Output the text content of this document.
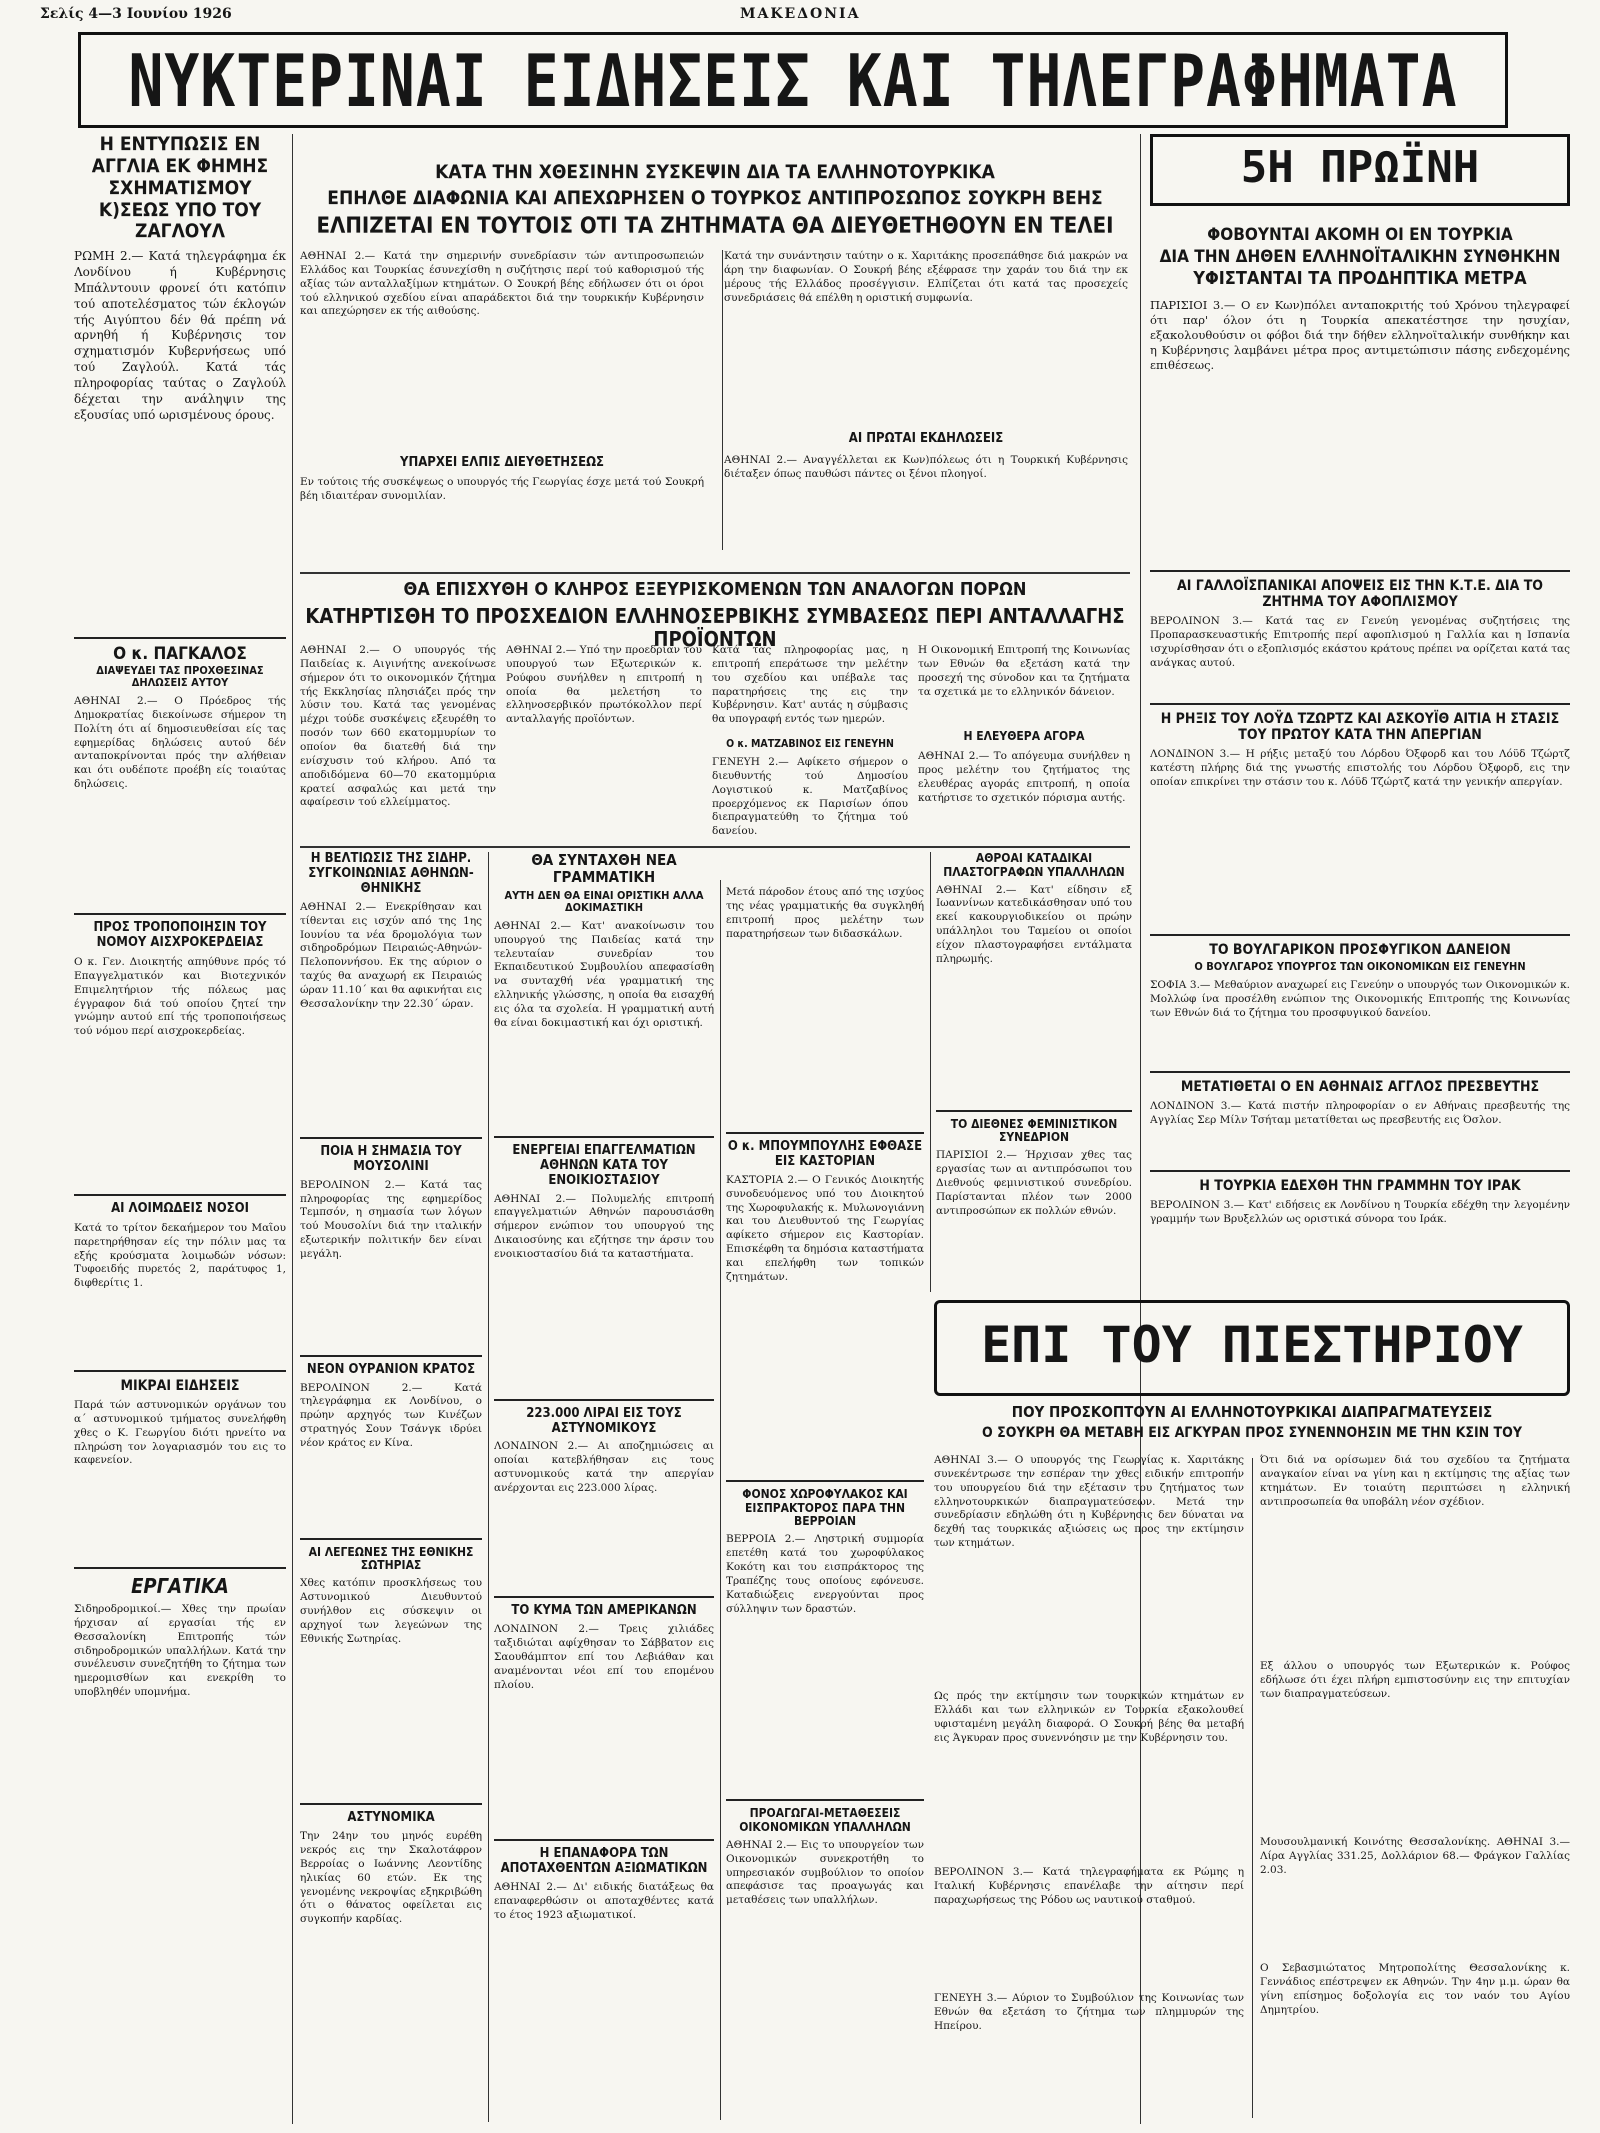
Σελίς 4—3 Ιουνίου 1926	ΜΑΚΕΔΟΝΙΑ
ΝΥΚΤΕΡΙΝΑΙ ΕΙΔΗΣΕΙΣ ΚΑΙ ΤΗΛΕΓΡΑΦΗΜΑΤΑ
Η ΕΝΤΥΠΩΣΙΣ ΕΝ ΑΓΓΛΙΑ ΕΚ ΦΗΜΗΣ ΣΧΗΜΑΤΙΣΜΟΥ Κ)ΣΕΩΣ ΥΠΟ ΤΟΥ ΖΑΓΛΟΥΛ
ΡΩΜΗ 2.— Κατά τηλεγράφημα έκ Λονδίνου ή Κυβέρνησις Μπάλντουιν φρονεί ότι κατόπιν τού αποτελέσματος τών έκλογών τής Αιγύπτου δέν θά πρέπη νά αρνηθή ή Κυβέρνησις τον σχηματισμόν Κυβερνήσεως υπό τού Ζαγλούλ. Κατά τάς πληροφορίας ταύτας ο Ζαγλούλ δέχεται την ανάληψιν της εξουσίας υπό ωρισμένους όρους.
Ο κ. ΠΑΓΚΑΛΟΣ
ΔΙΑΨΕΥΔΕΙ ΤΑΣ ΠΡΟΧΘΕΣΙΝΑΣ ΔΗΛΩΣΕΙΣ ΑΥΤΟΥ
ΑΘΗΝΑΙ 2.— Ο Πρόεδρος τής Δημοκρατίας διεκοίνωσε σήμερον τη Πολίτη ότι αί δημοσιευθείσαι είς τας εφημερίδας δηλώσεις αυτού δέν ανταποκρίνονται πρός την αλήθειαν και ότι ουδέποτε προέβη είς τοιαύτας δηλώσεις.
ΠΡΟΣ ΤΡΟΠΟΠΟΙΗΣΙΝ ΤΟΥ ΝΟΜΟΥ ΑΙΣΧΡΟΚΕΡΔΕΙΑΣ
Ο κ. Γεν. Διοικητής απηύθυνε πρός τό Επαγγελματικόν και Βιοτεχνικόν Επιμελητήριον τής πόλεως μας έγγραφον διά τού οποίου ζητεί την γνώμην αυτού επί τής τροποποιήσεως τού νόμου περί αισχροκερδείας.
ΑΙ ΛΟΙΜΩΔΕΙΣ ΝΟΣΟΙ
Κατά το τρίτον δεκαήμερον του Μαΐου παρετηρήθησαν είς την πόλιν μας τα εξής κρούσματα λοιμωδών νόσων: Τυφοειδής πυρετός 2, παράτυφος 1, διφθερίτις 1.
ΜΙΚΡΑΙ ΕΙΔΗΣΕΙΣ
Παρά τών αστυνομικών οργάνων του α΄ αστυνομικού τμήματος συνελήφθη χθες ο Κ. Γεωργίου διότι ηρνείτο να πληρώση τον λογαριασμόν του εις το καφενείον.
ΕΡΓΑΤΙΚΑ
Σιδηροδρομικοί.— Χθες την πρωίαν ήρχισαν αί εργασίαι τής εν Θεσσαλονίκη Επιτροπής τών σιδηροδρομικών υπαλλήλων. Κατά την συνέλευσιν συνεζητήθη το ζήτημα των ημερομισθίων και ενεκρίθη το υποβληθέν υπομνήμα.
ΚΑΤΑ ΤΗΝ ΧΘΕΣΙΝΗΝ ΣΥΣΚΕΨΙΝ ΔΙΑ ΤΑ ΕΛΛΗΝΟΤΟΥΡΚΙΚΑ
ΕΠΗΛΘΕ ΔΙΑΦΩΝΙΑ ΚΑΙ ΑΠΕΧΩΡΗΣΕΝ Ο ΤΟΥΡΚΟΣ ΑΝΤΙΠΡΟΣΩΠΟΣ ΣΟΥΚΡΗ ΒΕΗΣ
ΕΛΠΙΖΕΤΑΙ ΕΝ ΤΟΥΤΟΙΣ ΟΤΙ ΤΑ ΖΗΤΗΜΑΤΑ ΘΑ ΔΙΕΥΘΕΤΗΘΟΥΝ ΕΝ ΤΕΛΕΙ
ΑΘΗΝΑΙ 2.— Κατά την σημερινήν συνεδρίασιν τών αντιπροσωπειών Ελλάδος και Τουρκίας έσυνεχίσθη η συζήτησις περί τού καθορισμού τής αξίας τών ανταλλαξίμων κτημάτων. Ο Σουκρή βέης εδήλωσεν ότι οι όροι τού ελληνικού σχεδίου είναι απαράδεκτοι διά την τουρκικήν Κυβέρνησιν και απεχώρησεν εκ τής αιθούσης.
Κατά την συνάντησιν ταύτην ο κ. Χαριτάκης προσεπάθησε διά μακρών να άρη την διαφωνίαν. Ο Σουκρή βέης εξέφρασε την χαράν του διά την εκ μέρους τής Ελλάδος προσέγγισιν. Ελπίζεται ότι κατά τας προσεχείς συνεδριάσεις θά επέλθη η οριστική συμφωνία.
ΥΠΑΡΧΕΙ ΕΛΠΙΣ ΔΙΕΥΘΕΤΗΣΕΩΣ
Εν τούτοις τής συσκέψεως ο υπουργός τής Γεωργίας έσχε μετά τού Σουκρή βέη ιδιαιτέραν συνομιλίαν.
ΑΙ ΠΡΩΤΑΙ ΕΚΔΗΛΩΣΕΙΣ
ΑΘΗΝΑΙ 2.— Αναγγέλλεται εκ Κων)πόλεως ότι η Τουρκική Κυβέρνησις διέταξεν όπως παυθώσι πάντες οι ξένοι πλοηγοί.
5Η ΠΡΩΪΝΗ
ΦΟΒΟΥΝΤΑΙ ΑΚΟΜΗ ΟΙ ΕΝ ΤΟΥΡΚΙΑ
ΔΙΑ ΤΗΝ ΔΗΘΕΝ ΕΛΛΗΝΟΪΤΑΛΙΚΗΝ ΣΥΝΘΗΚΗΝ
ΥΦΙΣΤΑΝΤΑΙ ΤΑ ΠΡΟΔΗΠΤΙΚΑ ΜΕΤΡΑ
ΠΑΡΙΣΙΟΙ 3.— Ο εν Κων)πόλει ανταποκριτής τού Χρόνου τηλεγραφεί ότι παρ' όλον ότι η Τουρκία απεκατέστησε την ησυχίαν, εξακολουθούσιν οι φόβοι διά την δήθεν ελληνοϊταλικήν συνθήκην και η Κυβέρνησις λαμβάνει μέτρα προς αντιμετώπισιν πάσης ενδεχομένης επιθέσεως.
ΘΑ ΕΠΙΣΧΥΘΗ Ο ΚΛΗΡΟΣ ΕΞΕΥΡΙΣΚΟΜΕΝΩΝ ΤΩΝ ΑΝΑΛΟΓΩΝ ΠΟΡΩΝ
ΚΑΤΗΡΤΙΣΘΗ ΤΟ ΠΡΟΣΧΕΔΙΟΝ ΕΛΛΗΝΟΣΕΡΒΙΚΗΣ ΣΥΜΒΑΣΕΩΣ ΠΕΡΙ ΑΝΤΑΛΛΑΓΗΣ ΠΡΟΪΟΝΤΩΝ
ΑΘΗΝΑΙ 2.— Ο υπουργός τής Παιδείας κ. Αιγινήτης ανεκοίνωσε σήμερον ότι το οικονομικόν ζήτημα τής Εκκλησίας πλησιάζει πρός την λύσιν του. Κατά τας γενομένας μέχρι τούδε συσκέψεις εξευρέθη το ποσόν των 660 εκατομμυρίων το οποίον θα διατεθή διά την ενίσχυσιν τού κλήρου. Από τα αποδιδόμενα 60—70 εκατομμύρια κρατεί ασφαλώς και μετά την αφαίρεσιν τού ελλείμματος.
ΑΘΗΝΑΙ 2.— Υπό την προεδρίαν του υπουργού των Εξωτερικών κ. Ρούφου συνήλθεν η επιτροπή η οποία θα μελετήση το ελληνοσερβικόν πρωτόκολλον περί ανταλλαγής προϊόντων.
Κατά τας πληροφορίας μας, η επιτροπή επεράτωσε την μελέτην του σχεδίου και υπέβαλε τας παρατηρήσεις της εις την Κυβέρνησιν. Κατ' αυτάς η σύμβασις θα υπογραφή εντός των ημερών.
Ο κ. ΜΑΤΖΑΒΙΝΟΣ ΕΙΣ ΓΕΝΕΥΗΝ
ΓΕΝΕΥΗ 2.— Αφίκετο σήμερον ο διευθυντής τού Δημοσίου Λογιστικού κ. Ματζαβίνος προερχόμενος εκ Παρισίων όπου διεπραγματεύθη το ζήτημα τού δανείου.
Η Οικονομική Επιτροπή της Κοινωνίας των Εθνών θα εξετάση κατά την προσεχή της σύνοδον και τα ζητήματα τα σχετικά με το ελληνικόν δάνειον.
Η ΕΛΕΥΘΕΡΑ ΑΓΟΡΑ
ΑΘΗΝΑΙ 2.— Το απόγευμα συνήλθεν η προς μελέτην του ζητήματος της ελευθέρας αγοράς επιτροπή, η οποία κατήρτισε το σχετικόν πόρισμα αυτής.
Η ΒΕΛΤΙΩΣΙΣ ΤΗΣ ΣΙΔΗΡ. ΣΥΓΚΟΙΝΩΝΙΑΣ ΑΘΗΝΩΝ-ΘΗΝΙΚΗΣ
ΑΘΗΝΑΙ 2.— Ενεκρίθησαν και τίθενται εις ισχύν από της 1ης Ιουνίου τα νέα δρομολόγια των σιδηροδρόμων Πειραιώς-Αθηνών-Πελοποννήσου. Εκ της αύριον ο ταχύς θα αναχωρή εκ Πειραιώς ώραν 11.10΄ και θα αφικνήται εις Θεσσαλονίκην την 22.30΄ ώραν.
ΠΟΙΑ Η ΣΗΜΑΣΙΑ ΤΟΥ ΜΟΥΣΟΛΙΝΙ
ΒΕΡΟΛΙΝΟΝ 2.— Κατά τας πληροφορίας της εφημερίδος Τεμπσόν, η σημασία των λόγων τού Μουσολίνι διά την ιταλικήν εξωτερικήν πολιτικήν δεν είναι μεγάλη.
ΝΕΟΝ ΟΥΡΑΝΙΟΝ ΚΡΑΤΟΣ
ΒΕΡΟΛΙΝΟΝ 2.— Κατά τηλεγράφημα εκ Λονδίνου, ο πρώην αρχηγός των Κινέζων στρατηγός Σουν Τσάνγκ ιδρύει νέον κράτος εν Κίνα.
ΑΙ ΛΕΓΕΩΝΕΣ ΤΗΣ ΕΘΝΙΚΗΣ ΣΩΤΗΡΙΑΣ
Χθες κατόπιν προσκλήσεως του Αστυνομικού Διευθυντού συνήλθον εις σύσκεψιν οι αρχηγοί των λεγεώνων της Εθνικής Σωτηρίας.
ΑΣΤΥΝΟΜΙΚΑ
Την 24ην του μηνός ευρέθη νεκρός εις την Σκαλοτάφρον Βερροίας ο Ιωάννης Λεοντίδης ηλικίας 60 ετών. Εκ της γενομένης νεκροψίας εξηκριβώθη ότι ο θάνατος οφείλεται εις συγκοπήν καρδίας.
ΘΑ ΣΥΝΤΑΧΘΗ ΝΕΑ ΓΡΑΜΜΑΤΙΚΗ
ΑΥΤΗ ΔΕΝ ΘΑ ΕΙΝΑΙ ΟΡΙΣΤΙΚΗ ΑΛΛΑ ΔΟΚΙΜΑΣΤΙΚΗ
ΑΘΗΝΑΙ 2.— Κατ' ανακοίνωσιν του υπουργού της Παιδείας κατά την τελευταίαν συνεδρίαν του Εκπαιδευτικού Συμβουλίου απεφασίσθη να συνταχθή νέα γραμματική της ελληνικής γλώσσης, η οποία θα εισαχθή εις όλα τα σχολεία. Η γραμματική αυτή θα είναι δοκιμαστική και όχι οριστική.
ΕΝΕΡΓΕΙΑΙ ΕΠΑΓΓΕΛΜΑΤΙΩΝ ΑΘΗΝΩΝ ΚΑΤΑ ΤΟΥ ΕΝΟΙΚΙΟΣΤΑΣΙΟΥ
ΑΘΗΝΑΙ 2.— Πολυμελής επιτροπή επαγγελματιών Αθηνών παρουσιάσθη σήμερον ενώπιον του υπουργού της Δικαιοσύνης και εζήτησε την άρσιν του ενοικιοστασίου διά τα καταστήματα.
223.000 ΛΙΡΑΙ ΕΙΣ ΤΟΥΣ ΑΣΤΥΝΟΜΙΚΟΥΣ
ΛΟΝΔΙΝΟΝ 2.— Αι αποζημιώσεις αι οποίαι κατεβλήθησαν εις τους αστυνομικούς κατά την απεργίαν ανέρχονται εις 223.000 λίρας.
ΤΟ ΚΥΜΑ ΤΩΝ ΑΜΕΡΙΚΑΝΩΝ
ΛΟΝΔΙΝΟΝ 2.— Τρεις χιλιάδες ταξιδιώται αφίχθησαν το Σάββατον εις Σαουθάμπτον επί του Λεβιάθαν και αναμένονται νέοι επί του επομένου πλοίου.
Η ΕΠΑΝΑΦΟΡΑ ΤΩΝ ΑΠΟΤΑΧΘΕΝΤΩΝ ΑΞΙΩΜΑΤΙΚΩΝ
ΑΘΗΝΑΙ 2.— Δι' ειδικής διατάξεως θα επαναφερθώσιν οι αποταχθέντες κατά το έτος 1923 αξιωματικοί.
Μετά πάροδον έτους από της ισχύος της νέας γραμματικής θα συγκληθή επιτροπή προς μελέτην των παρατηρήσεων των διδασκάλων.
Ο κ. ΜΠΟΥΜΠΟΥΛΗΣ ΕΦΘΑΣΕ ΕΙΣ ΚΑΣΤΟΡΙΑΝ
ΚΑΣΤΟΡΙΑ 2.— Ο Γενικός Διοικητής συνοδευόμενος υπό του Διοικητού της Χωροφυλακής κ. Μυλωνογιάννη και του Διευθυντού της Γεωργίας αφίκετο σήμερον εις Καστορίαν. Επισκέφθη τα δημόσια καταστήματα και επελήφθη των τοπικών ζητημάτων.
ΦΟΝΟΣ ΧΩΡΟΦΥΛΑΚΟΣ ΚΑΙ ΕΙΣΠΡΑΚΤΟΡΟΣ ΠΑΡΑ ΤΗΝ ΒΕΡΡΟΙΑΝ
ΒΕΡΡΟΙΑ 2.— Ληστρική συμμορία επετέθη κατά του χωροφύλακος Κοκότη και του εισπράκτορος της Τραπέζης τους οποίους εφόνευσε. Καταδιώξεις ενεργούνται προς σύλληψιν των δραστών.
ΠΡΟΑΓΩΓΑΙ-ΜΕΤΑΘΕΣΕΙΣ ΟΙΚΟΝΟΜΙΚΩΝ ΥΠΑΛΛΗΛΩΝ
ΑΘΗΝΑΙ 2.— Εις το υπουργείον των Οικονομικών συνεκροτήθη το υπηρεσιακόν συμβούλιον το οποίον απεφάσισε τας προαγωγάς και μεταθέσεις των υπαλλήλων.
ΑΘΡΟΑΙ ΚΑΤΑΔΙΚΑΙ ΠΛΑΣΤΟΓΡΑΦΩΝ ΥΠΑΛΛΗΛΩΝ
ΑΘΗΝΑΙ 2.— Κατ' είδησιν εξ Ιωαννίνων κατεδικάσθησαν υπό του εκεί κακουργιοδικείου οι πρώην υπάλληλοι του Ταμείου οι οποίοι είχον πλαστογραφήσει εντάλματα πληρωμής.
ΤΟ ΔΙΕΘΝΕΣ ΦΕΜΙΝΙΣΤΙΚΟΝ ΣΥΝΕΔΡΙΟΝ
ΠΑΡΙΣΙΟΙ 2.— Ήρχισαν χθες τας εργασίας των αι αντιπρόσωποι του Διεθνούς φεμινιστικού συνεδρίου. Παρίστανται πλέον των 2000 αντιπροσώπων εκ πολλών εθνών.
ΑΙ ΓΑΛΛΟΪΣΠΑΝΙΚΑΙ ΑΠΟΨΕΙΣ ΕΙΣ ΤΗΝ Κ.Τ.Ε. ΔΙΑ ΤΟ ΖΗΤΗΜΑ ΤΟΥ ΑΦΟΠΛΙΣΜΟΥ
ΒΕΡΟΛΙΝΟΝ 3.— Κατά τας εν Γενεύη γενομένας συζητήσεις της Προπαρασκευαστικής Επιτροπής περί αφοπλισμού η Γαλλία και η Ισπανία ισχυρίσθησαν ότι ο εξοπλισμός εκάστου κράτους πρέπει να ορίζεται κατά τας ανάγκας αυτού.
Η ΡΗΞΙΣ ΤΟΥ ΛΟΫΔ ΤΖΩΡΤΖ ΚΑΙ ΑΣΚΟΥΪΘ ΑΙΤΙΑ Η ΣΤΑΣΙΣ ΤΟΥ ΠΡΩΤΟΥ ΚΑΤΑ ΤΗΝ ΑΠΕΡΓΙΑΝ
ΛΟΝΔΙΝΟΝ 3.— Η ρήξις μεταξύ του Λόρδου Όξφορδ και του Λόϋδ Τζώρτζ κατέστη πλήρης διά της γνωστής επιστολής του Λόρδου Όξφορδ, εις την οποίαν επικρίνει την στάσιν του κ. Λόϋδ Τζώρτζ κατά την γενικήν απεργίαν.
ΤΟ ΒΟΥΛΓΑΡΙΚΟΝ ΠΡΟΣΦΥΓΙΚΟΝ ΔΑΝΕΙΟΝ
Ο ΒΟΥΛΓΑΡΟΣ ΥΠΟΥΡΓΟΣ ΤΩΝ ΟΙΚΟΝΟΜΙΚΩΝ ΕΙΣ ΓΕΝΕΥΗΝ
ΣΟΦΙΑ 3.— Μεθαύριον αναχωρεί εις Γενεύην ο υπουργός των Οικονομικών κ. Μολλώφ ίνα προσέλθη ενώπιον της Οικονομικής Επιτροπής της Κοινωνίας των Εθνών διά το ζήτημα του προσφυγικού δανείου.
ΜΕΤΑΤΙΘΕΤΑΙ Ο ΕΝ ΑΘΗΝΑΙΣ ΑΓΓΛΟΣ ΠΡΕΣΒΕΥΤΗΣ
ΛΟΝΔΙΝΟΝ 3.— Κατά πιστήν πληροφορίαν ο εν Αθήναις πρεσβευτής της Αγγλίας Σερ Μίλν Τσήταμ μετατίθεται ως πρεσβευτής εις Όσλον.
Η ΤΟΥΡΚΙΑ ΕΔΕΧΘΗ ΤΗΝ ΓΡΑΜΜΗΝ ΤΟΥ ΙΡΑΚ
ΒΕΡΟΛΙΝΟΝ 3.— Κατ' ειδήσεις εκ Λονδίνου η Τουρκία εδέχθη την λεγομένην γραμμήν των Βρυξελλών ως οριστικά σύνορα του Ιράκ.
ΕΠΙ ΤΟΥ ΠΙΕΣΤΗΡΙΟΥ
ΠΟΥ ΠΡΟΣΚΟΠΤΟΥΝ ΑΙ ΕΛΛΗΝΟΤΟΥΡΚΙΚΑΙ ΔΙΑΠΡΑΓΜΑΤΕΥΣΕΙΣ
Ο ΣΟΥΚΡΗ ΘΑ ΜΕΤΑΒΗ ΕΙΣ ΑΓΚΥΡΑΝ ΠΡΟΣ ΣΥΝΕΝΝΟΗΣΙΝ ΜΕ ΤΗΝ ΚΣΙΝ ΤΟΥ
ΑΘΗΝΑΙ 3.— Ο υπουργός της Γεωργίας κ. Χαριτάκης συνεκέντρωσε την εσπέραν την χθες ειδικήν επιτροπήν του υπουργείου διά την εξέτασιν του ζητήματος των ελληνοτουρκικών διαπραγματεύσεων. Μετά την συνεδρίασιν εδηλώθη ότι η Κυβέρνησις δεν δύναται να δεχθή τας τουρκικάς αξιώσεις ως προς την εκτίμησιν των κτημάτων.
Ως πρός την εκτίμησιν των τουρκικών κτημάτων εν Ελλάδι και των ελληνικών εν Τουρκία εξακολουθεί υφισταμένη μεγάλη διαφορά. Ο Σουκρή βέης θα μεταβή εις Άγκυραν προς συνεννόησιν με την Κυβέρνησιν του.
ΒΕΡΟΛΙΝΟΝ 3.— Κατά τηλεγραφήματα εκ Ρώμης η Ιταλική Κυβέρνησις επανέλαβε την αίτησιν περί παραχωρήσεως της Ρόδου ως ναυτικού σταθμού.
ΓΕΝΕΥΗ 3.— Αύριον το Συμβούλιον της Κοινωνίας των Εθνών θα εξετάση το ζήτημα των πλημμυρών της Ηπείρου.
Ότι διά να ορίσωμεν διά του σχεδίου τα ζητήματα αναγκαίον είναι να γίνη και η εκτίμησις της αξίας των κτημάτων. Εν τοιαύτη περιπτώσει η ελληνική αντιπροσωπεία θα υποβάλη νέον σχέδιον.
Εξ άλλου ο υπουργός των Εξωτερικών κ. Ρούφος εδήλωσε ότι έχει πλήρη εμπιστοσύνην εις την επιτυχίαν των διαπραγματεύσεων.
Μουσουλμανική Κοινότης Θεσσαλονίκης. ΑΘΗΝΑΙ 3.— Λίρα Αγγλίας 331.25, Δολλάριον 68.— Φράγκον Γαλλίας 2.03.
Ο Σεβασμιώτατος Μητροπολίτης Θεσσαλονίκης κ. Γεννάδιος επέστρεψεν εκ Αθηνών. Την 4ην μ.μ. ώραν θα γίνη επίσημος δοξολογία εις τον ναόν του Αγίου Δημητρίου.
